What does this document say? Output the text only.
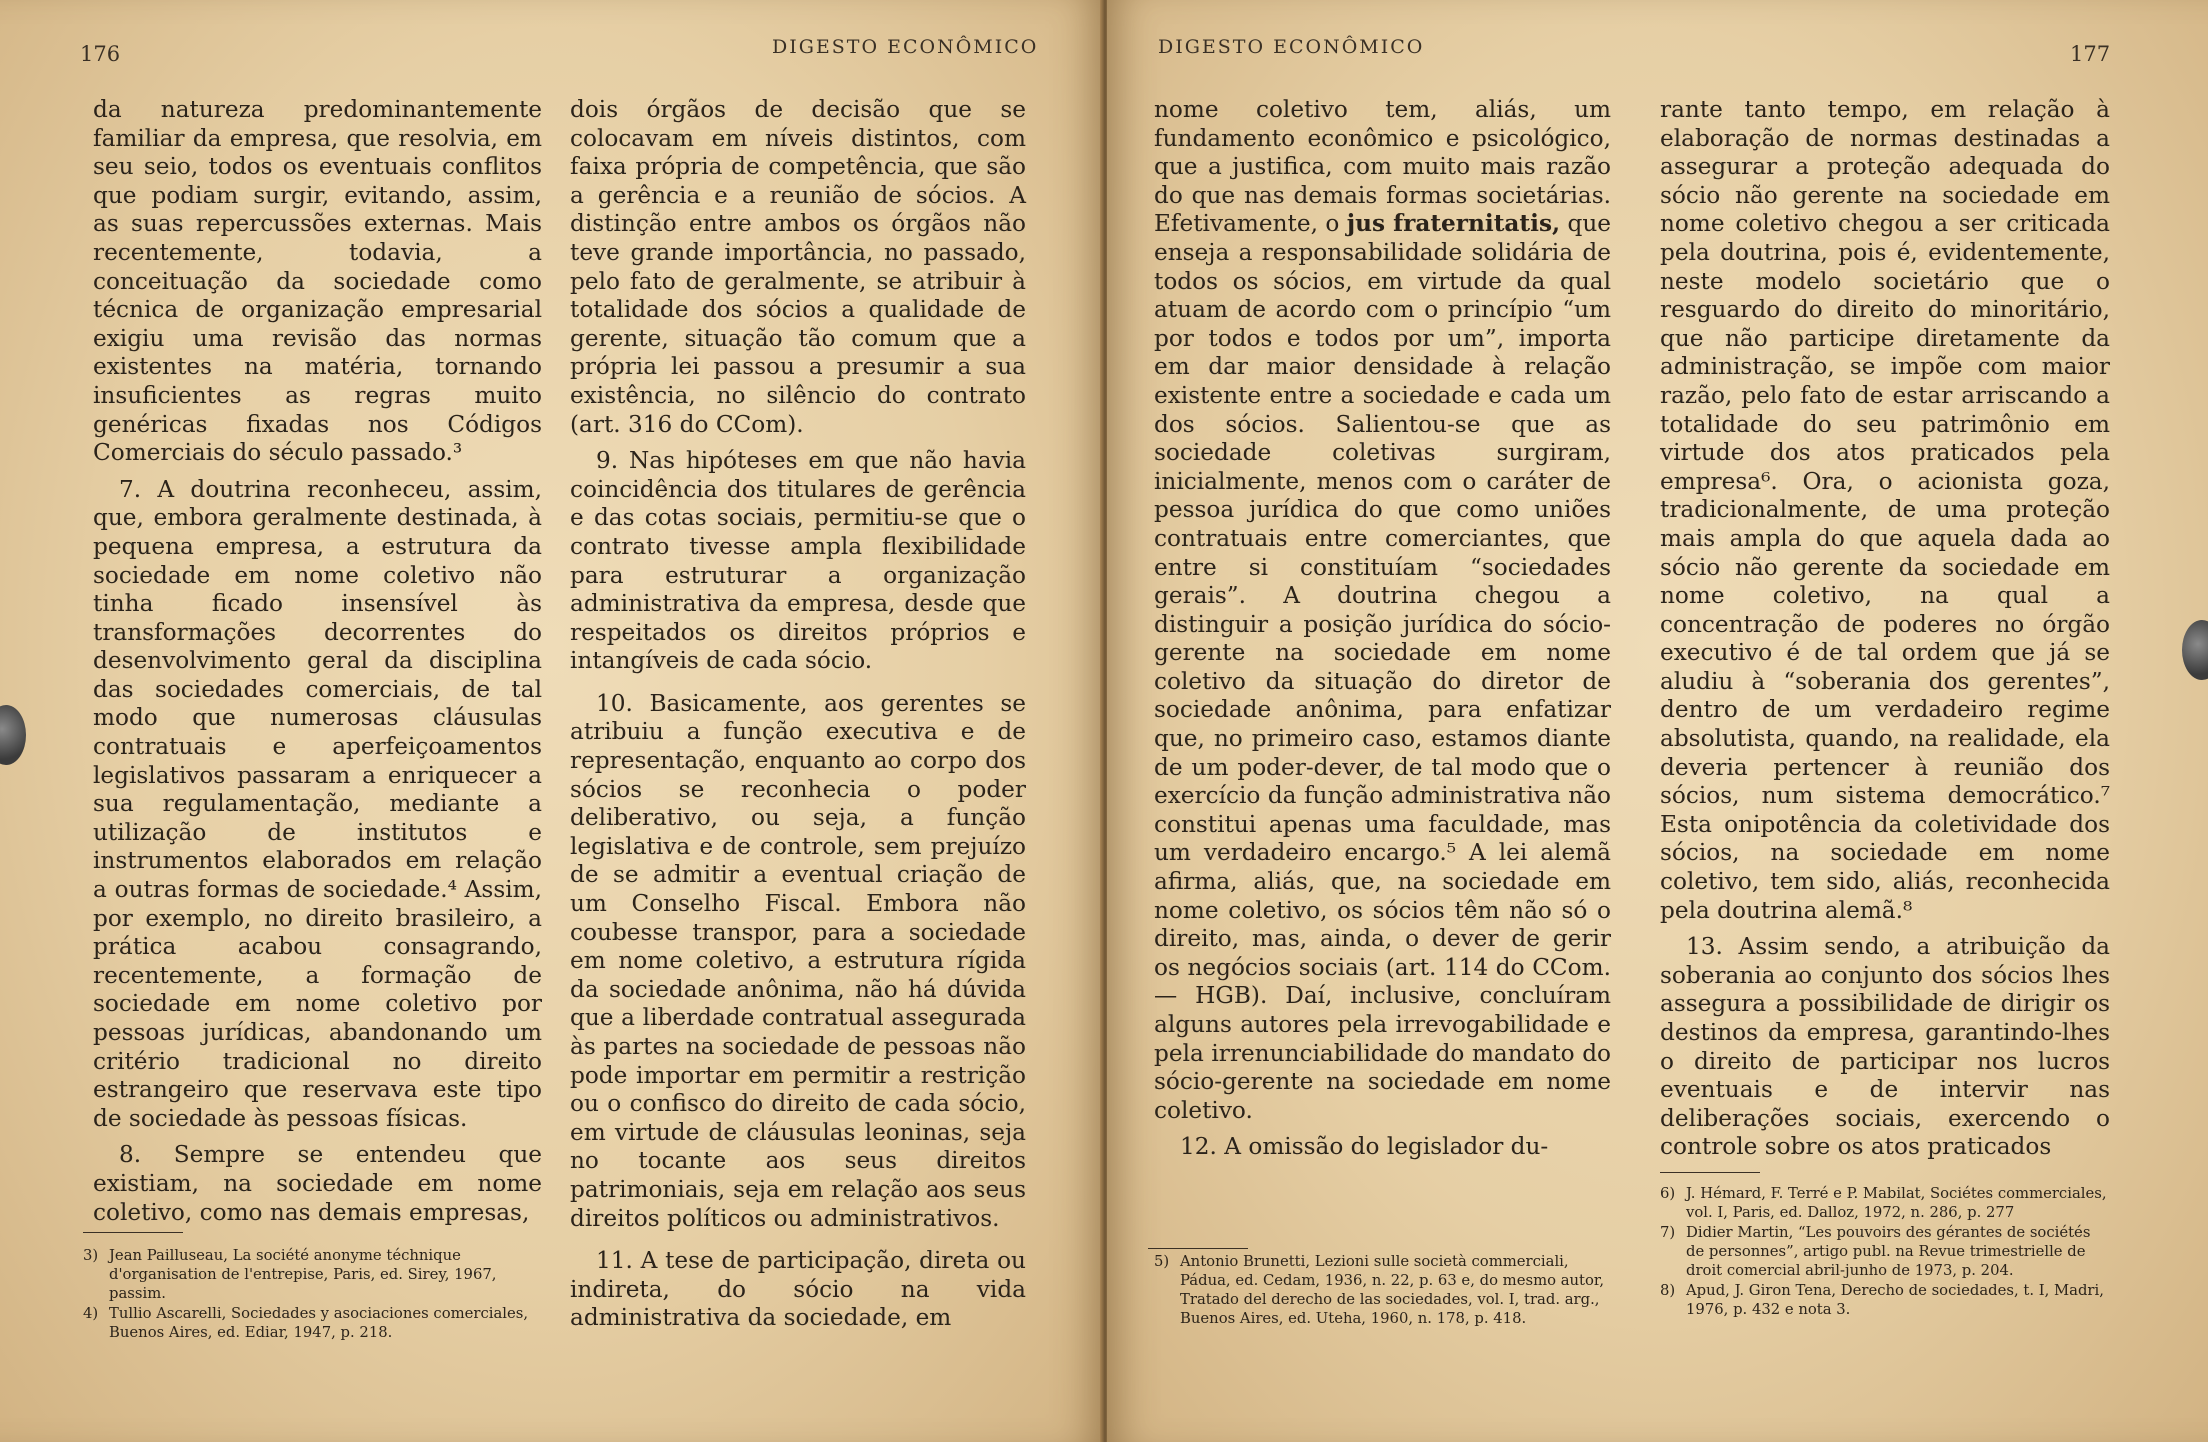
176	DIGESTO ECONÔMICO

da natureza predominantemente familiar da empresa, que resolvia, em seu seio, todos os eventuais conflitos que podiam surgir, evitando, assim, as suas repercussões externas. Mais recentemente, todavia, a conceituação da sociedade como técnica de organização empresarial exigiu uma revisão das normas existentes na matéria, tornando insuficientes as regras muito genéricas fixadas nos Códigos Comerciais do século passado.³

7. A doutrina reconheceu, assim, que, embora geralmente destinada, à pequena empresa, a estrutura da sociedade em nome coletivo não tinha ficado insensível às transformações decorrentes do desenvolvimento geral da disciplina das sociedades comerciais, de tal modo que numerosas cláusulas contratuais e aperfeiçoamentos legislativos passaram a enriquecer a sua regulamentação, mediante a utilização de institutos e instrumentos elaborados em relação a outras formas de sociedade.⁴ Assim, por exemplo, no direito brasileiro, a prática acabou consagrando, recentemente, a formação de sociedade em nome coletivo por pessoas jurídicas, abandonando um critério tradicional no direito estrangeiro que reservava este tipo de sociedade às pessoas físicas.

8. Sempre se entendeu que existiam, na sociedade em nome coletivo, como nas demais empresas,

dois órgãos de decisão que se colocavam em níveis distintos, com faixa própria de competência, que são a gerência e a reunião de sócios. A distinção entre ambos os órgãos não teve grande importância, no passado, pelo fato de geralmente, se atribuir à totalidade dos sócios a qualidade de gerente, situação tão comum que a própria lei passou a presumir a sua existência, no silêncio do contrato (art. 316 do CCom).

9. Nas hipóteses em que não havia coincidência dos titulares de gerência e das cotas sociais, permitiu-se que o contrato tivesse ampla flexibilidade para estruturar a organização administrativa da empresa, desde que respeitados os direitos próprios e intangíveis de cada sócio.

10. Basicamente, aos gerentes se atribuiu a função executiva e de representação, enquanto ao corpo dos sócios se reconhecia o poder deliberativo, ou seja, a função legislativa e de controle, sem prejuízo de se admitir a eventual criação de um Conselho Fiscal. Embora não coubesse transpor, para a sociedade em nome coletivo, a estrutura rígida da sociedade anônima, não há dúvida que a liberdade contratual assegurada às partes na sociedade de pessoas não pode importar em permitir a restrição ou o confisco do direito de cada sócio, em virtude de cláusulas leoninas, seja no tocante aos seus direitos patrimoniais, seja em relação aos seus direitos políticos ou administrativos.

11. A tese de participação, direta ou indireta, do sócio na vida administrativa da sociedade, em

3) Jean Pailluseau, La société anonyme téchnique d'organisation de l'entrepise, Paris, ed. Sirey, 1967, passim.
4) Tullio Ascarelli, Sociedades y asociaciones comerciales, Buenos Aires, ed. Ediar, 1947, p. 218.
DIGESTO ECONÔMICO	177

nome coletivo tem, aliás, um fundamento econômico e psicológico, que a justifica, com muito mais razão do que nas demais formas societárias. Efetivamente, o jus fraternitatis, que enseja a responsabilidade solidária de todos os sócios, em virtude da qual atuam de acordo com o princípio “um por todos e todos por um”, importa em dar maior densidade à relação existente entre a sociedade e cada um dos sócios. Salientou-se que as sociedade coletivas surgiram, inicialmente, menos com o caráter de pessoa jurídica do que como uniões contratuais entre comerciantes, que entre si constituíam “sociedades gerais”. A doutrina chegou a distinguir a posição jurídica do sócio-gerente na sociedade em nome coletivo da situação do diretor de sociedade anônima, para enfatizar que, no primeiro caso, estamos diante de um poder-dever, de tal modo que o exercício da função administrativa não constitui apenas uma faculdade, mas um verdadeiro encargo.⁵ A lei alemã afirma, aliás, que, na sociedade em nome coletivo, os sócios têm não só o direito, mas, ainda, o dever de gerir os negócios sociais (art. 114 do CCom. — HGB). Daí, inclusive, concluíram alguns autores pela irrevogabilidade e pela irrenunciabilidade do mandato do sócio-gerente na sociedade em nome coletivo.

12. A omissão do legislador du-

rante tanto tempo, em relação à elaboração de normas destinadas a assegurar a proteção adequada do sócio não gerente na sociedade em nome coletivo chegou a ser criticada pela doutrina, pois é, evidentemente, neste modelo societário que o resguardo do direito do minoritário, que não participe diretamente da administração, se impõe com maior razão, pelo fato de estar arriscando a totalidade do seu patrimônio em virtude dos atos praticados pela empresa⁶. Ora, o acionista goza, tradicionalmente, de uma proteção mais ampla do que aquela dada ao sócio não gerente da sociedade em nome coletivo, na qual a concentração de poderes no órgão executivo é de tal ordem que já se aludiu à “soberania dos gerentes”, dentro de um verdadeiro regime absolutista, quando, na realidade, ela deveria pertencer à reunião dos sócios, num sistema democrático.⁷ Esta onipotência da coletividade dos sócios, na sociedade em nome coletivo, tem sido, aliás, reconhecida pela doutrina alemã.⁸

13. Assim sendo, a atribuição da soberania ao conjunto dos sócios lhes assegura a possibilidade de dirigir os destinos da empresa, garantindo-lhes o direito de participar nos lucros eventuais e de intervir nas deliberações sociais, exercendo o controle sobre os atos praticados

5) Antonio Brunetti, Lezioni sulle società commerciali, Pádua, ed. Cedam, 1936, n. 22, p. 63 e, do mesmo autor, Tratado del derecho de las sociedades, vol. I, trad. arg., Buenos Aires, ed. Uteha, 1960, n. 178, p. 418.
6) J. Hémard, F. Terré e P. Mabilat, Sociétes commerciales, vol. I, Paris, ed. Dalloz, 1972, n. 286, p. 277
7) Didier Martin, “Les pouvoirs des gérantes de sociétés de personnes”, artigo publ. na Revue trimestrielle de droit comercial abril-junho de 1973, p. 204.
8) Apud, J. Giron Tena, Derecho de sociedades, t. I, Madri, 1976, p. 432 e nota 3.
